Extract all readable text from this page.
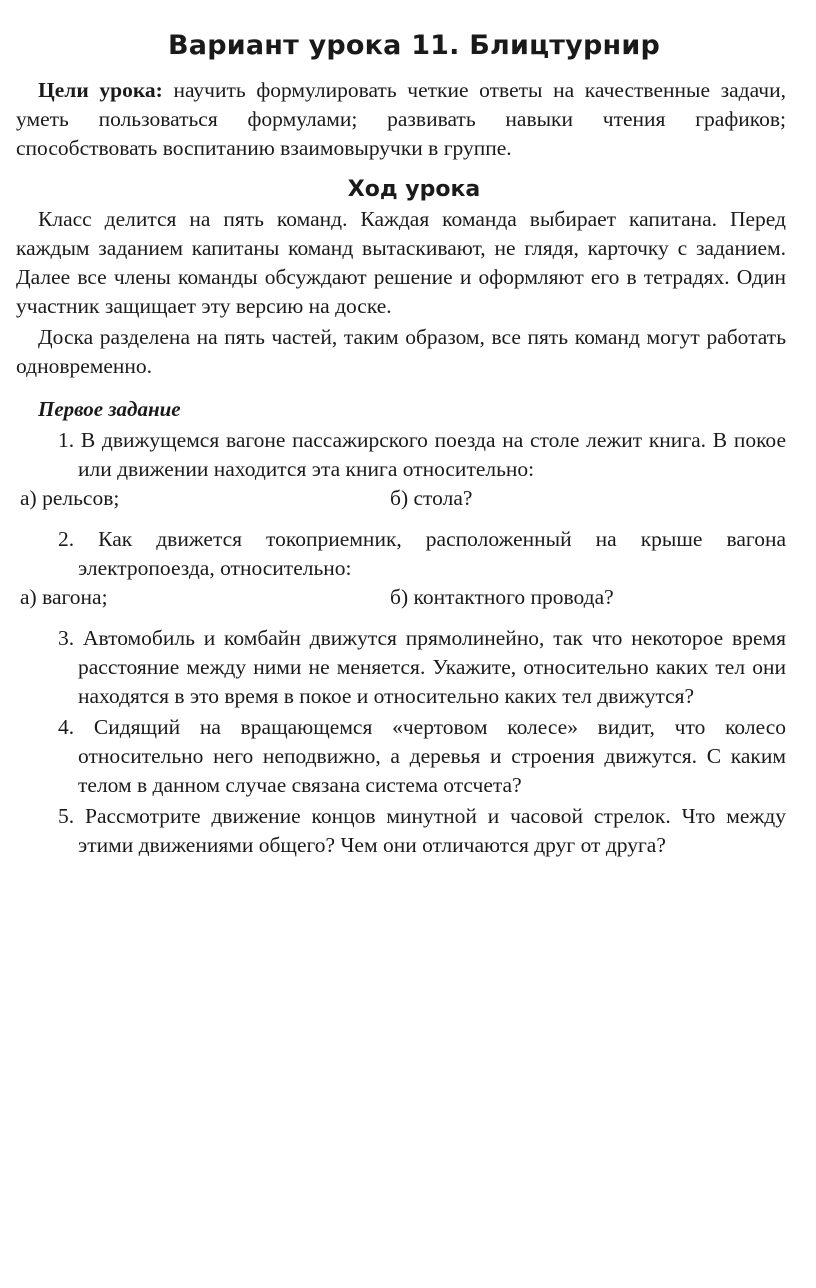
Вариант урока 11. Блицтурнир

Цели урока: научить формулировать четкие ответы на качественные задачи, уметь пользоваться формулами; развивать навыки чтения графиков; способствовать воспитанию взаимовыручки в группе.

Ход урока

Класс делится на пять команд. Каждая команда выбирает капитана. Перед каждым заданием капитаны команд вытаскивают, не глядя, карточку с заданием. Далее все члены команды обсуждают решение и оформляют его в тетрадях. Один участник защищает эту версию на доске.

Доска разделена на пять частей, таким образом, все пять команд могут работать одновременно.

Первое задание

1. В движущемся вагоне пассажирского поезда на столе лежит книга. В покое или движении находится эта книга относительно:

а) рельсов;	б) стола?

2. Как движется токоприемник, расположенный на крыше вагона электропоезда, относительно:

а) вагона;	б) контактного провода?

3. Автомобиль и комбайн движутся прямолинейно, так что некоторое время расстояние между ними не меняется. Укажите, относительно каких тел они находятся в это время в покое и относительно каких тел движутся?

4. Сидящий на вращающемся «чертовом колесе» видит, что колесо относительно него неподвижно, а деревья и строения движутся. С каким телом в данном случае связана система отсчета?

5. Рассмотрите движение концов минутной и часовой стрелок. Что между этими движениями общего? Чем они отличаются друг от друга?
